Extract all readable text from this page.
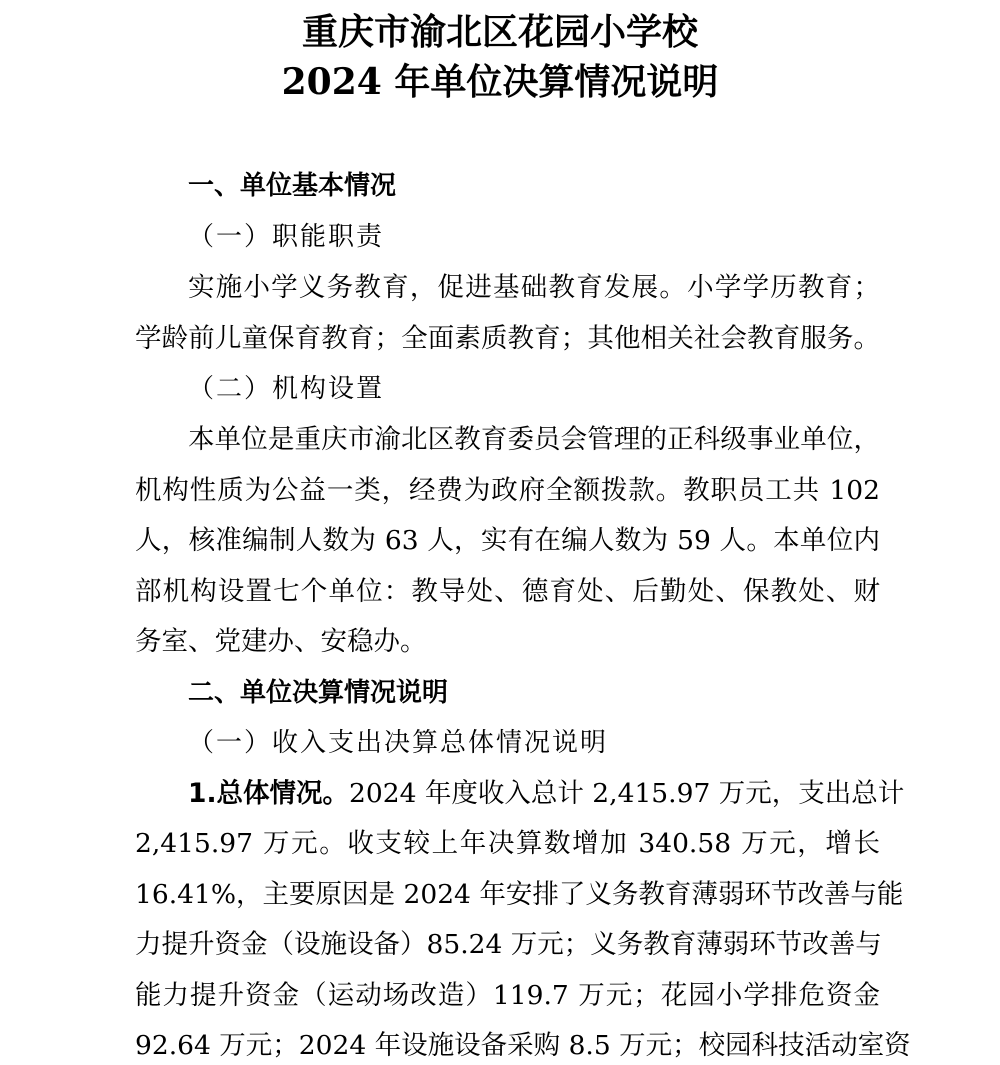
重庆市渝北区花园小学校
2024 年单位决算情况说明
一、单位基本情况
（一）职能职责
实施小学义务教育，促进基础教育发展。小学学历教育；
学龄前儿童保育教育；全面素质教育；其他相关社会教育服务。
（二）机构设置
本单位是重庆市渝北区教育委员会管理的正科级事业单位，
机构性质为公益一类，经费为政府全额拨款。教职员工共 102
人，核准编制人数为 63 人，实有在编人数为 59 人。本单位内
部机构设置七个单位：教导处、德育处、后勤处、保教处、财
务室、党建办、安稳办。
二、单位决算情况说明
（一）收入支出决算总体情况说明
1.总体情况。2024 年度收入总计 2,415.97 万元，支出总计
2,415.97 万元。收支较上年决算数增加 340.58 万元，增长
16.41%，主要原因是 2024 年安排了义务教育薄弱环节改善与能
力提升资金（设施设备）85.24 万元；义务教育薄弱环节改善与
能力提升资金（运动场改造）119.7 万元；花园小学排危资金
92.64 万元；2024 年设施设备采购 8.5 万元；校园科技活动室资
